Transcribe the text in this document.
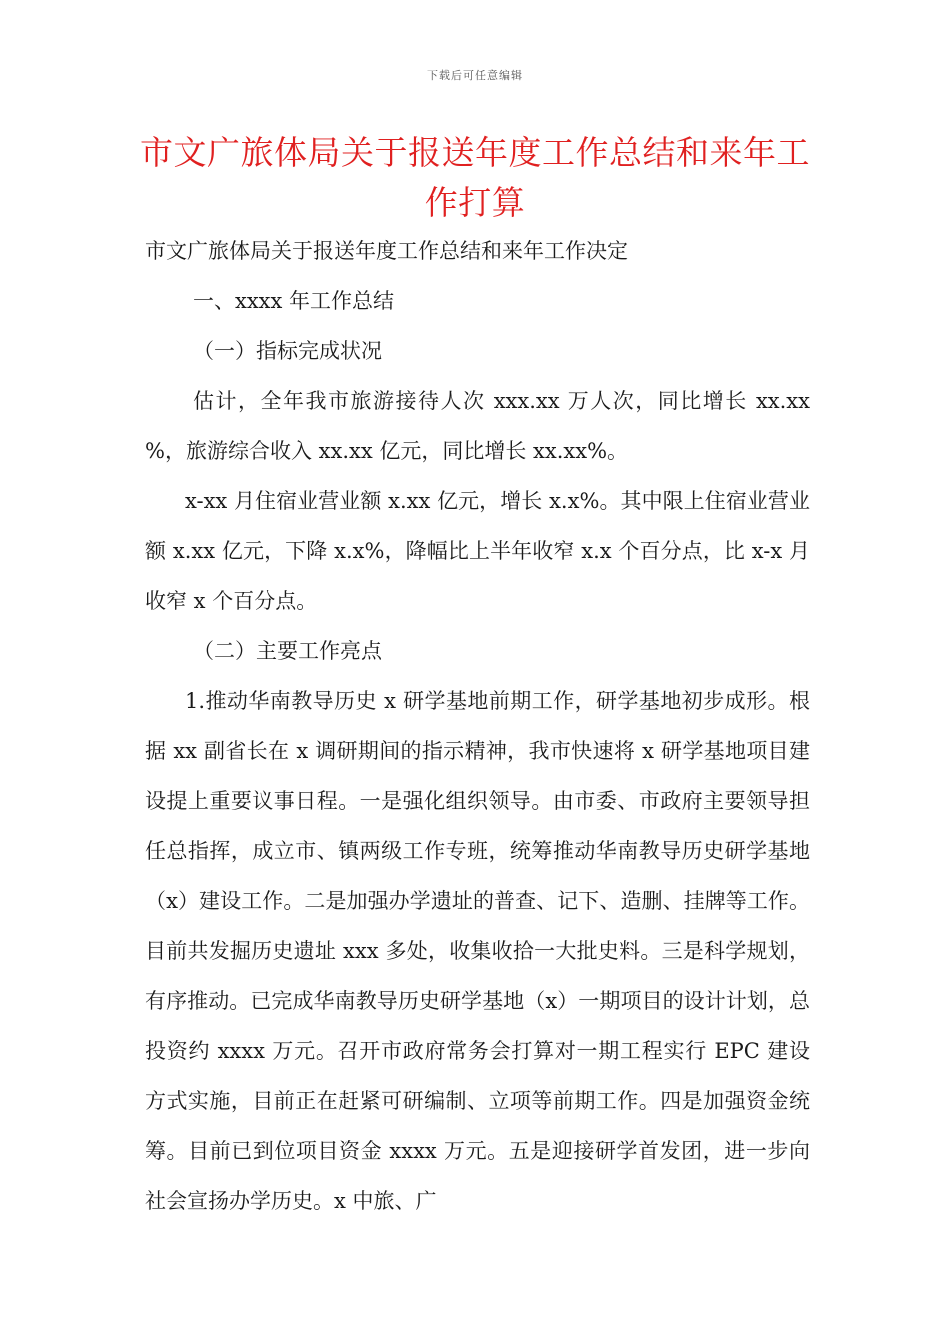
下载后可任意编辑
市文广旅体局关于报送年度工作总结和来年工作打算

市文广旅体局关于报送年度工作总结和来年工作决定

一、xxxx 年工作总结

（一）指标完成状况

估计，全年我市旅游接待人次 xxx.xx 万人次，同比增长 xx.xx %，旅游综合收入 xx.xx 亿元，同比增长 xx.xx%。

x-xx 月住宿业营业额 x.xx 亿元，增长 x.x%。其中限上住宿业营业额 x.xx 亿元，下降 x.x%，降幅比上半年收窄 x.x 个百分点，比 x-x 月收窄 x 个百分点。

（二）主要工作亮点

1.推动华南教导历史 x 研学基地前期工作，研学基地初步成形。根据 xx 副省长在 x 调研期间的指示精神，我市快速将 x 研学基地项目建设提上重要议事日程。一是强化组织领导。由市委、市政府主要领导担任总指挥，成立市、镇两级工作专班，统筹推动华南教导历史研学基地（x）建设工作。二是加强办学遗址的普查、记下、造删、挂牌等工作。目前共发掘历史遗址 xxx 多处，收集收拾一大批史料。三是科学规划，有序推动。已完成华南教导历史研学基地（x）一期项目的设计计划，总投资约 xxxx 万元。召开市政府常务会打算对一期工程实行 EPC 建设方式实施，目前正在赶紧可研编制、立项等前期工作。四是加强资金统筹。目前已到位项目资金 xxxx 万元。五是迎接研学首发团，进一步向社会宣扬办学历史。x 中旅、广
